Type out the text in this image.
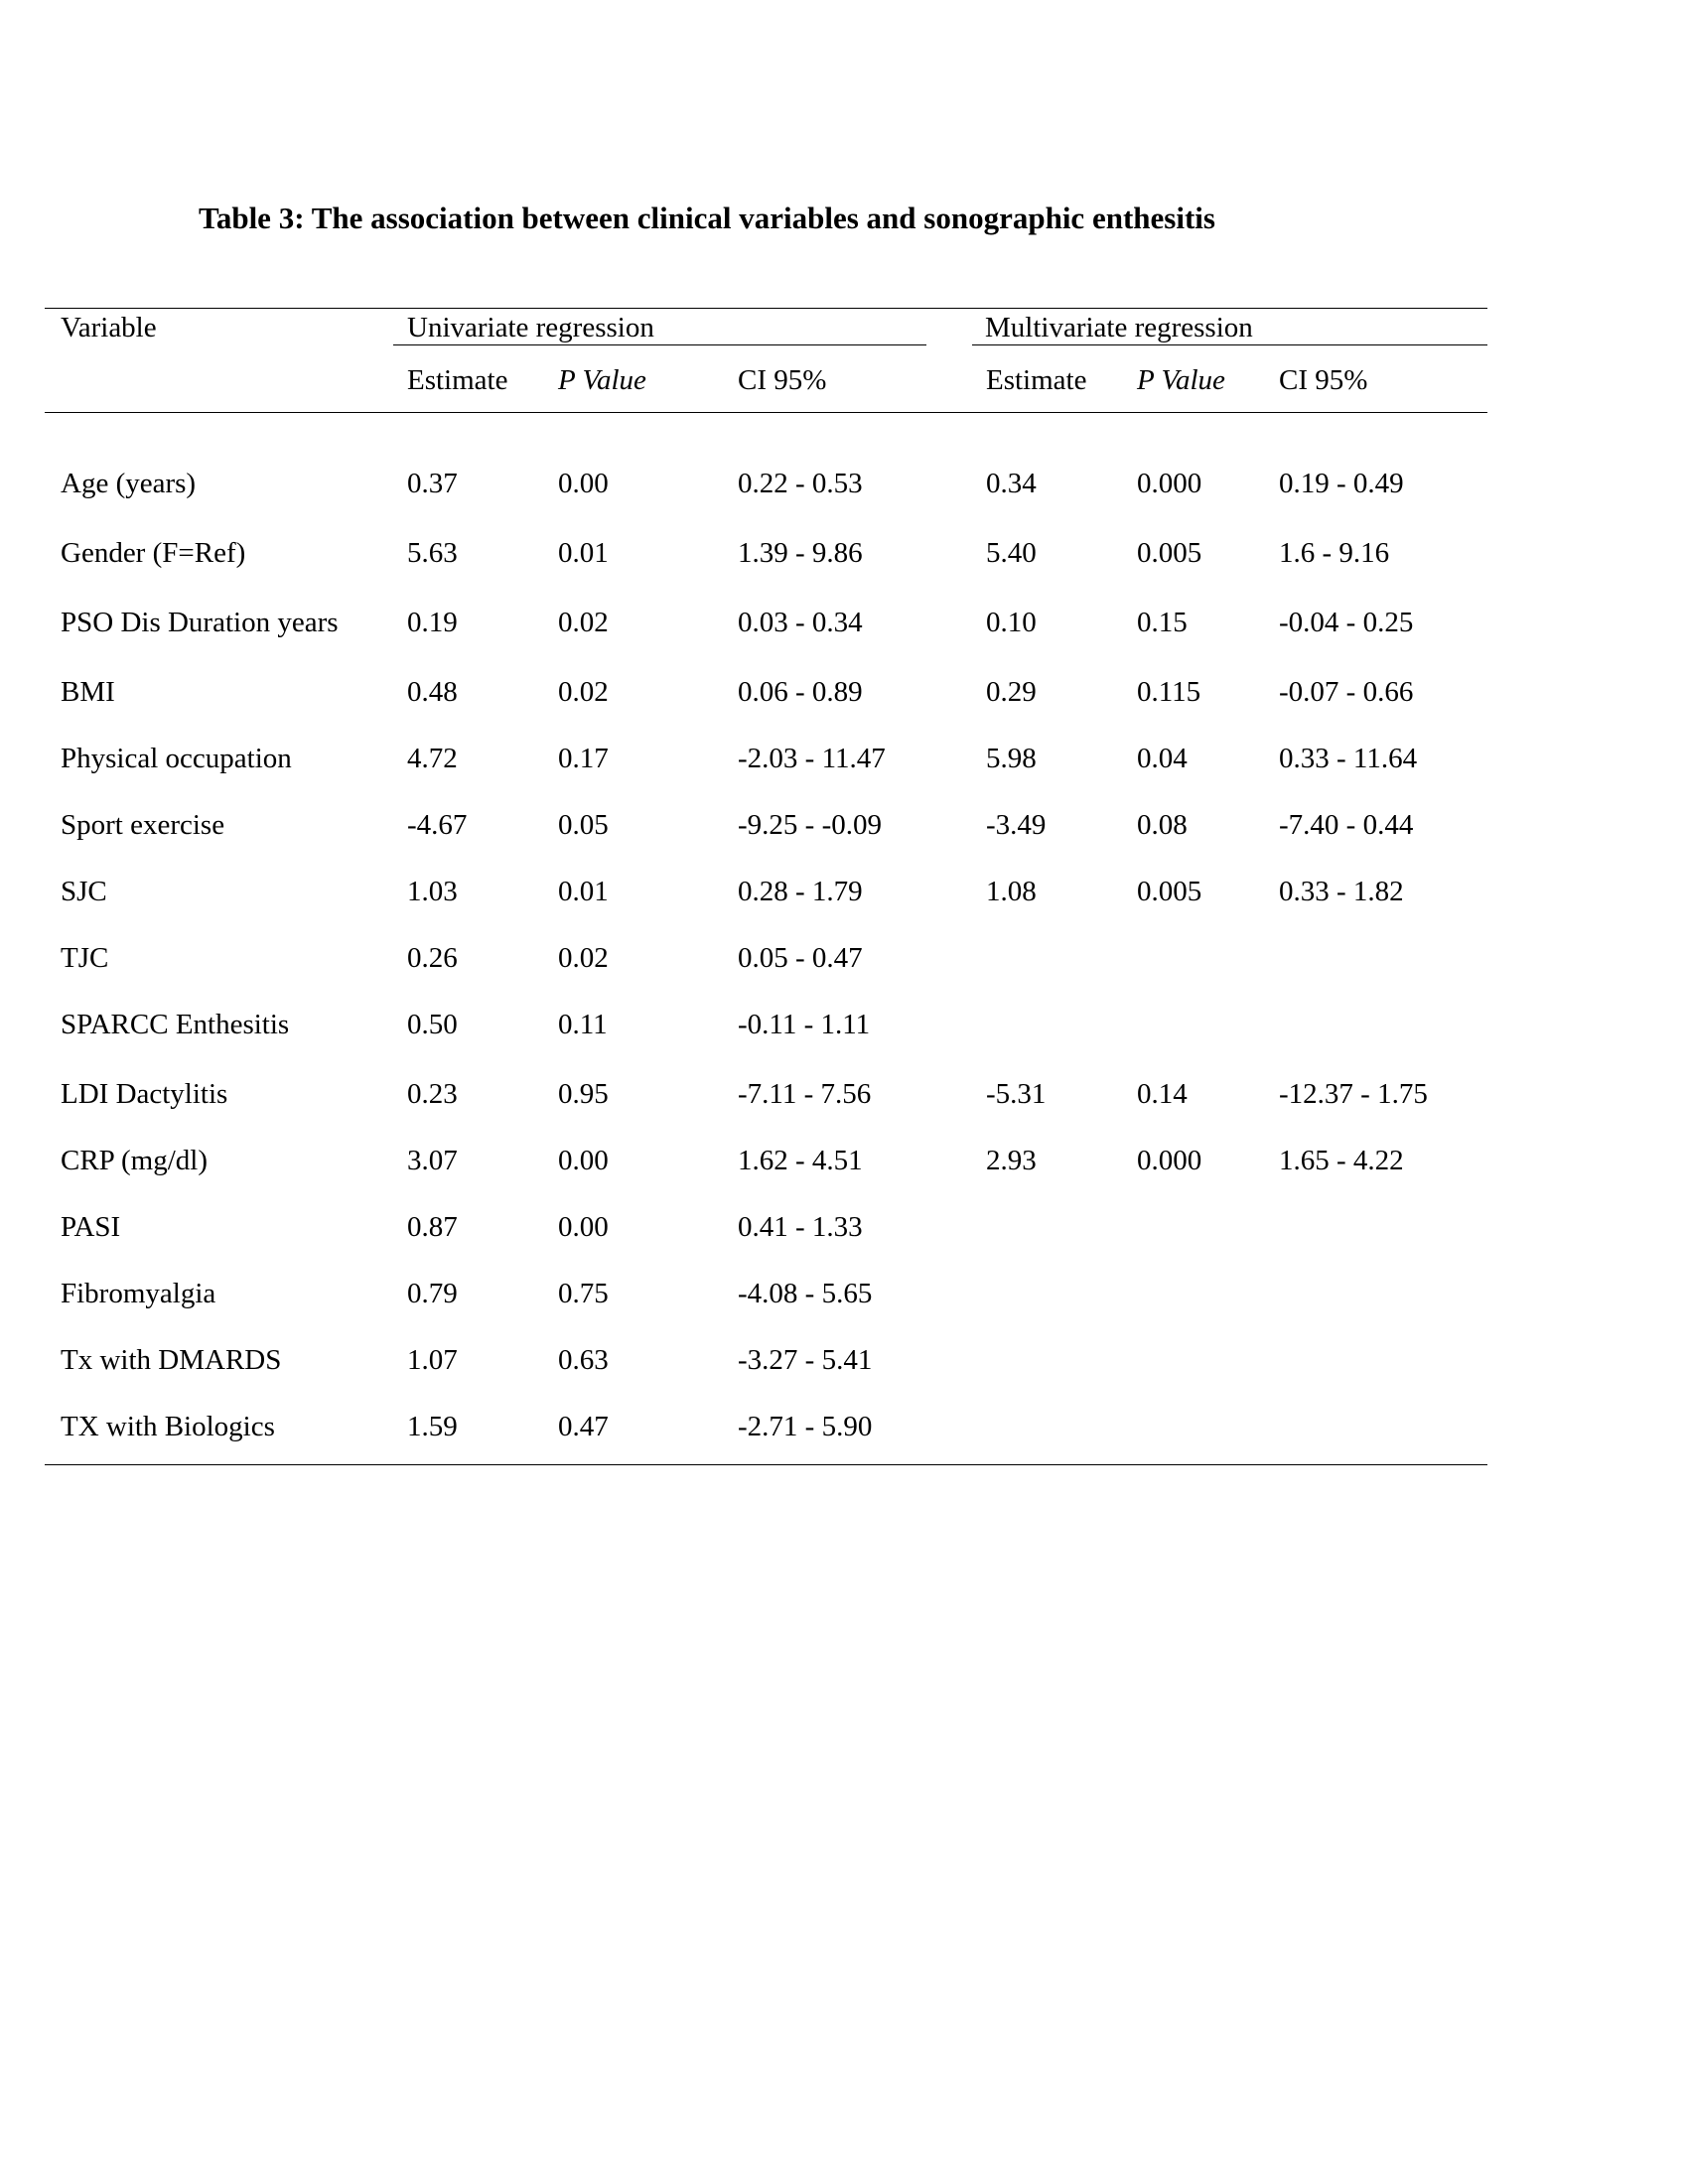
Table 3: The association between clinical variables and sonographic enthesitis
Variable	Univariate regression	Multivariate regression
Estimate P Value	CI 95%	Estimate P Value CI 95%
Age (years)	0.37	0.00	0.22 - 0.53	0.34	0.000	0.19 - 0.49
Gender (F=Ref)	5.63	0.01	1.39 - 9.86	5.40	0.005	1.6 - 9.16
PSO Dis Duration years 0.19	0.02	0.03 - 0.34	0.10	0.15	-0.04 - 0.25
BMI	0.48	0.02	0.06 - 0.89	0.29	0.115	-0.07 - 0.66
Physical occupation	4.72	0.17	-2.03 - 11.47	5.98	0.04	0.33 - 11.64
Sport exercise	-4.67	0.05	-9.25 - -0.09	-3.49	0.08	-7.40 - 0.44
SJC	1.03	0.01	0.28 - 1.79	1.08	0.005	0.33 - 1.82
TJC	0.26	0.02	0.05 - 0.47
SPARCC Enthesitis	0.50	0.11	-0.11 - 1.11
LDI Dactylitis	0.23	0.95	-7.11 - 7.56	-5.31	0.14	-12.37 - 1.75
CRP (mg/dl)	3.07	0.00	1.62 - 4.51	2.93	0.000	1.65 - 4.22
PASI	0.87	0.00	0.41 - 1.33
Fibromyalgia	0.79	0.75	-4.08 - 5.65
Tx with DMARDS	1.07	0.63	-3.27 - 5.41
TX with Biologics	1.59	0.47	-2.71 - 5.90
